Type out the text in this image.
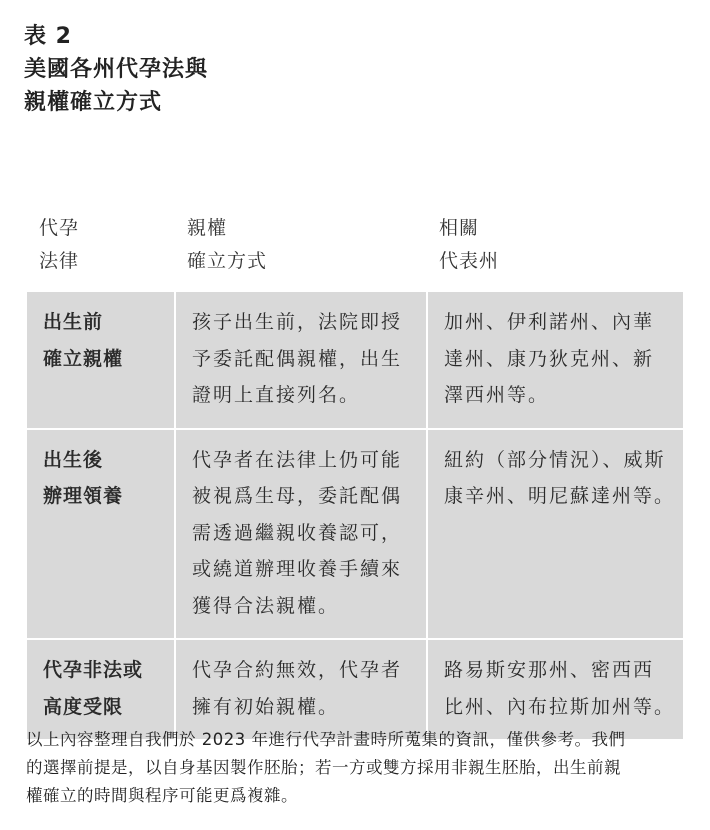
表 2
美國各州代孕法與
親權確立方式
代孕
法律	親權
確立方式	相關
代表州

出生前
確立親權	孩子出生前，法院即授
予委託配偶親權，出生
證明上直接列名。	加州、伊利諾州、內華
達州、康乃狄克州、新
澤西州等。

出生後
辦理領養	代孕者在法律上仍可能
被視爲生母，委託配偶
需透過繼親收養認可，
或繞道辦理收養手續來
獲得合法親權。	紐約（部分情況）、威斯
康辛州、明尼蘇達州等。

代孕非法或
高度受限	代孕合約無效，代孕者
擁有初始親權。	路易斯安那州、密西西
比州、內布拉斯加州等。
以上內容整理自我們於 2023 年進行代孕計畫時所蒐集的資訊，僅供參考。我們
的選擇前提是，以自身基因製作胚胎；若一方或雙方採用非親生胚胎，出生前親
權確立的時間與程序可能更爲複雜。
